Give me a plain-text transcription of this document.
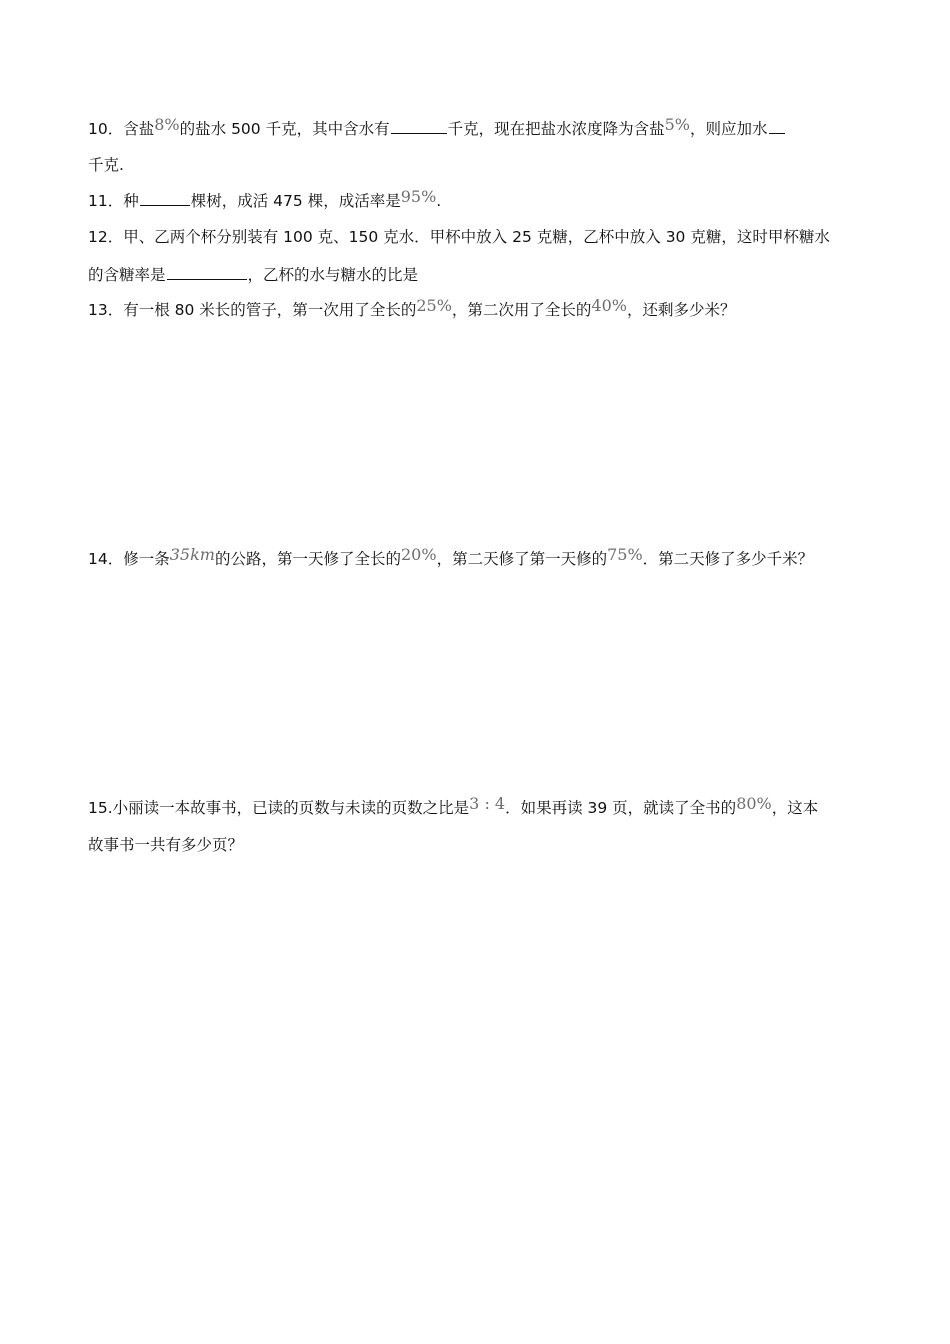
10．含盐8%的盐水 500 千克，其中含水有	千克，现在把盐水浓度降为含盐5%，则应加水
千克.
11．种	棵树，成活 475 棵，成活率是95%.
12．甲、乙两个杯分别装有 100 克、150 克水．甲杯中放入 25 克糖，乙杯中放入 30 克糖，这时甲杯糖水
的含糖率是	，乙杯的水与糖水的比是
13．有一根 80 米长的管子，第一次用了全长的25%，第二次用了全长的40%，还剩多少米？
14．修一条35km的公路，第一天修了全长的20%，第二天修了第一天修的75%．第二天修了多少千米？
15.小丽读一本故事书，已读的页数与未读的页数之比是3 : 4．如果再读 39 页，就读了全书的80%，这本
故事书一共有多少页？
